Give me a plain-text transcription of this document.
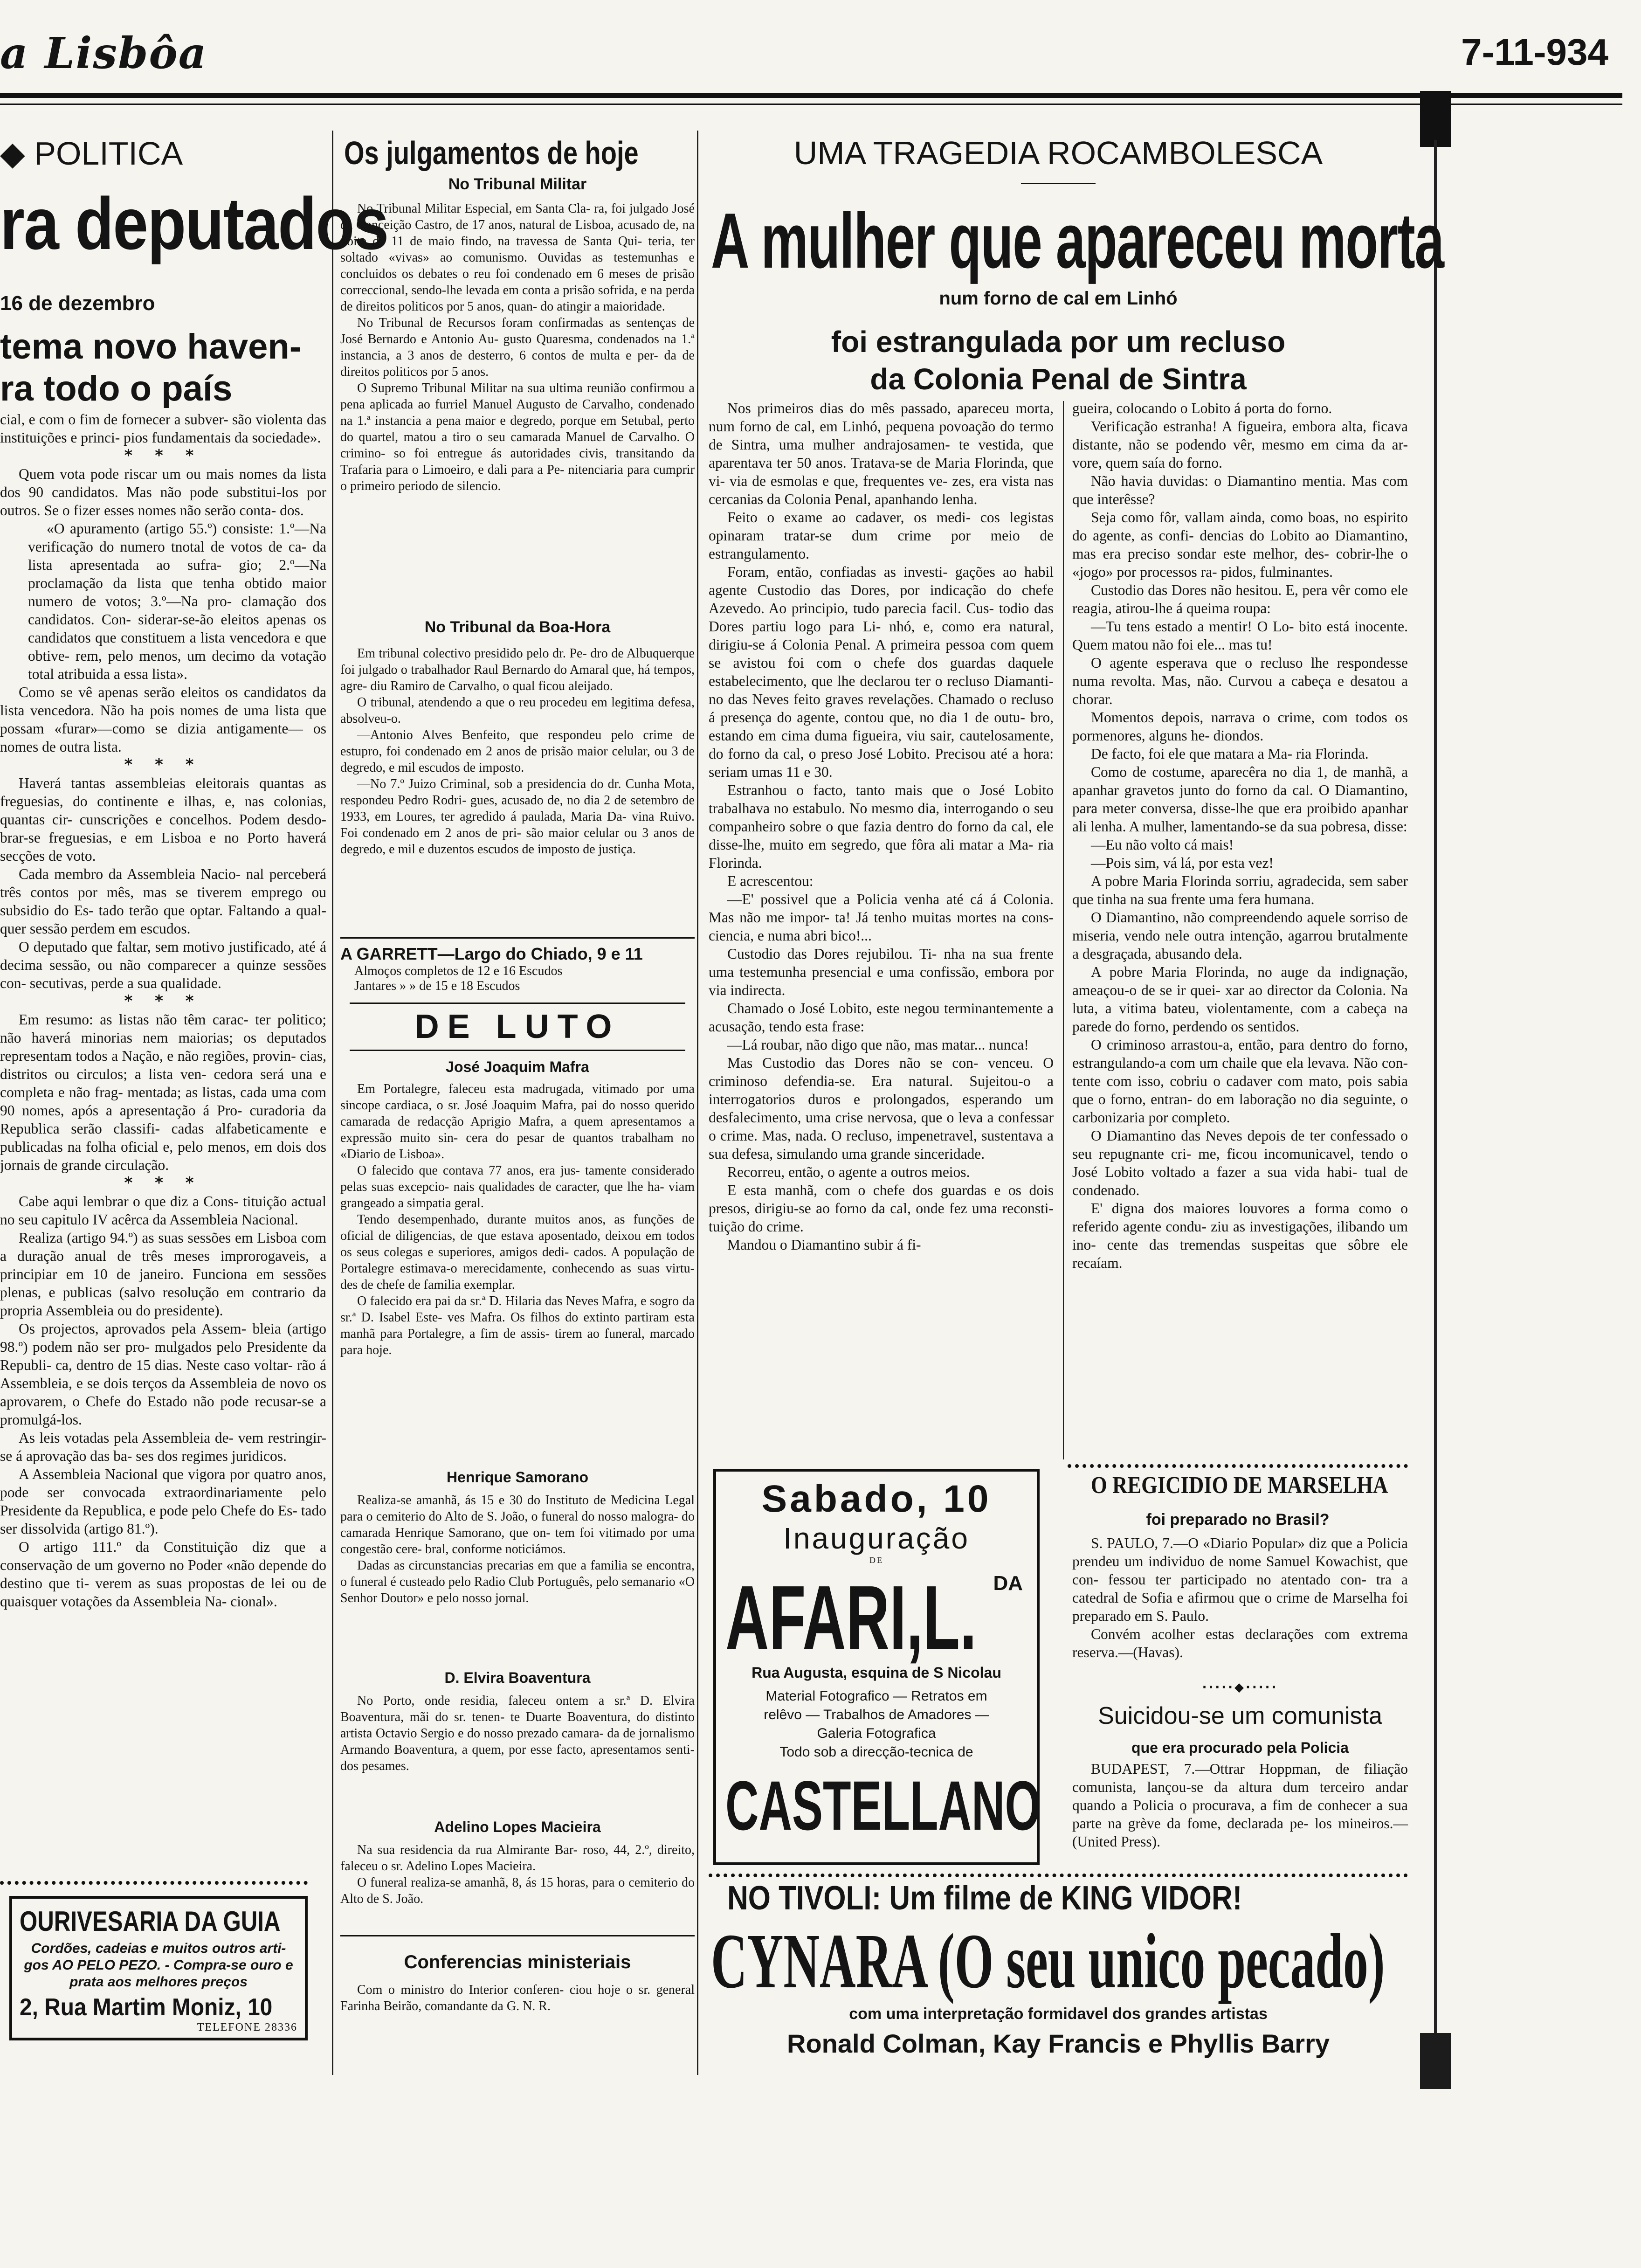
a Lisbôa	7-11-934
◆ POLITICA
ra deputados
16 de dezembro
tema novo haven-
ra todo o país

cial, e com o fim de fornecer a subver- são violenta das instituições e princi- pios fundamentais da sociedade».

* * *

Quem vota pode riscar um ou mais nomes da lista dos 90 candidatos. Mas não pode substitui-los por outros. Se o fizer esses nomes não serão conta- dos.

«O apuramento (artigo 55.º) consiste: 1.º—Na verificação do numero tnotal de votos de ca- da lista apresentada ao sufra- gio; 2.º—Na proclamação da lista que tenha obtido maior numero de votos; 3.º—Na pro- clamação dos candidatos. Con- siderar-se-ão eleitos apenas os candidatos que constituem a lista vencedora e que obtive- rem, pelo menos, um decimo da votação total atribuida a essa lista».

Como se vê apenas serão eleitos os candidatos da lista vencedora. Não ha pois nomes de uma lista que possam «furar»—como se dizia antigamente— os nomes de outra lista.

* * *

Haverá tantas assembleias eleitorais quantas as freguesias, do continente e ilhas, e, nas colonias, quantas cir- cunscrições e concelhos. Podem desdo- brar-se freguesias, e em Lisboa e no Porto haverá secções de voto.

Cada membro da Assembleia Nacio- nal perceberá três contos por mês, mas se tiverem emprego ou subsidio do Es- tado terão que optar. Faltando a qual- quer sessão perdem em escudos.

O deputado que faltar, sem motivo justificado, até á decima sessão, ou não comparecer a quinze sessões con- secutivas, perde a sua qualidade.

* * *

Em resumo: as listas não têm carac- ter politico; não haverá minorias nem maiorias; os deputados representam todos a Nação, e não regiões, provin- cias, distritos ou circulos; a lista ven- cedora será una e completa e não frag- mentada; as listas, cada uma com 90 nomes, após a apresentação á Pro- curadoria da Republica serão classifi- cadas alfabeticamente e publicadas na folha oficial e, pelo menos, em dois dos jornais de grande circulação.

* * *

Cabe aqui lembrar o que diz a Cons- tituição actual no seu capitulo IV acêrca da Assembleia Nacional.

Realiza (artigo 94.º) as suas sessões em Lisboa com a duração anual de três meses improrogaveis, a principiar em 10 de janeiro. Funciona em sessões plenas, e publicas (salvo resolução em contrario da propria Assembleia ou do presidente).

Os projectos, aprovados pela Assem- bleia (artigo 98.º) podem não ser pro- mulgados pelo Presidente da Republi- ca, dentro de 15 dias. Neste caso voltar- rão á Assembleia, e se dois terços da Assembleia de novo os aprovarem, o Chefe do Estado não pode recusar-se a promulgá-los.

As leis votadas pela Assembleia de- vem restringir-se á aprovação das ba- ses dos regimes juridicos.

A Assembleia Nacional que vigora por quatro anos, pode ser convocada extraordinariamente pelo Presidente da Republica, e pode pelo Chefe do Es- tado ser dissolvida (artigo 81.º).

O artigo 111.º da Constituição diz que a conservação de um governo no Poder «não depende do destino que ti- verem as suas propostas de lei ou de quaisquer votações da Assembleia Na- cional».

OURIVESARIA DA GUIA
Cordões, cadeias e muitos outros arti- gos AO PELO PEZO. - Compra-se ouro e prata aos melhores preços
2, Rua Martim Moniz, 10
TELEFONE 28336
Os julgamentos de hoje
No Tribunal Militar

No Tribunal Militar Especial, em Santa Cla- ra, foi julgado José da Conceição Castro, de 17 anos, natural de Lisboa, acusado de, na noite de 11 de maio findo, na travessa de Santa Qui- teria, ter soltado «vivas» ao comunismo. Ouvidas as testemunhas e concluidos os debates o reu foi condenado em 6 meses de prisão correccional, sendo-lhe levada em conta a prisão sofrida, e na perda de direitos politicos por 5 anos, quan- do atingir a maioridade.

No Tribunal de Recursos foram confirmadas as sentenças de José Bernardo e Antonio Au- gusto Quaresma, condenados na 1.ª instancia, a 3 anos de desterro, 6 contos de multa e per- da de direitos politicos por 5 anos.

O Supremo Tribunal Militar na sua ultima reunião confirmou a pena aplicada ao furriel Manuel Augusto de Carvalho, condenado na 1.ª instancia a pena maior e degredo, porque em Setubal, perto do quartel, matou a tiro o seu camarada Manuel de Carvalho. O crimino- so foi entregue ás autoridades civis, transitando da Trafaria para o Limoeiro, e dali para a Pe- nitenciaria para cumprir o primeiro periodo de silencio.

No Tribunal da Boa-Hora

Em tribunal colectivo presidido pelo dr. Pe- dro de Albuquerque foi julgado o trabalhador Raul Bernardo do Amaral que, há tempos, agre- diu Ramiro de Carvalho, o qual ficou aleijado.

O tribunal, atendendo a que o reu procedeu em legitima defesa, absolveu-o.

—Antonio Alves Benfeito, que respondeu pelo crime de estupro, foi condenado em 2 anos de prisão maior celular, ou 3 de degredo, e mil escudos de imposto.

—No 7.º Juizo Criminal, sob a presidencia do dr. Cunha Mota, respondeu Pedro Rodri- gues, acusado de, no dia 2 de setembro de 1933, em Loures, ter agredido á paulada, Maria Da- vina Ruivo. Foi condenado em 2 anos de pri- são maior celular ou 3 anos de degredo, e mil e duzentos escudos de imposto de justiça.

A GARRETT—Largo do Chiado, 9 e 11
Almoços completos de 12 e 16 Escudos
Jantares » » de 15 e 18 Escudos
DE LUTO
José Joaquim Mafra

Em Portalegre, faleceu esta madrugada, vitimado por uma sincope cardiaca, o sr. José Joaquim Mafra, pai do nosso querido camarada de redacção Aprigio Mafra, a quem apresentamos a expressão muito sin- cera do pesar de quantos trabalham no «Diario de Lisboa».

O falecido que contava 77 anos, era jus- tamente considerado pelas suas excepcio- nais qualidades de caracter, que lhe ha- viam grangeado a simpatia geral.

Tendo desempenhado, durante muitos anos, as funções de oficial de diligencias, de que estava aposentado, deixou em todos os seus colegas e superiores, amigos dedi- cados. A população de Portalegre estimava-o merecidamente, conhecendo as suas virtu- des de chefe de familia exemplar.

O falecido era pai da sr.ª D. Hilaria das Neves Mafra, e sogro da sr.ª D. Isabel Este- ves Mafra. Os filhos do extinto partiram esta manhã para Portalegre, a fim de assis- tirem ao funeral, marcado para hoje.

Henrique Samorano

Realiza-se amanhã, ás 15 e 30 do Instituto de Medicina Legal para o cemiterio do Alto de S. João, o funeral do nosso malogra- do camarada Henrique Samorano, que on- tem foi vitimado por uma congestão cere- bral, conforme noticiámos.

Dadas as circunstancias precarias em que a familia se encontra, o funeral é custeado pelo Radio Club Português, pelo semanario «O Senhor Doutor» e pelo nosso jornal.

D. Elvira Boaventura

No Porto, onde residia, faleceu ontem a sr.ª D. Elvira Boaventura, mãi do sr. tenen- te Duarte Boaventura, do distinto artista Octavio Sergio e do nosso prezado camara- da de jornalismo Armando Boaventura, a quem, por esse facto, apresentamos senti- dos pesames.

Adelino Lopes Macieira

Na sua residencia da rua Almirante Bar- roso, 44, 2.º, direito, faleceu o sr. Adelino Lopes Macieira.

O funeral realiza-se amanhã, 8, ás 15 horas, para o cemiterio do Alto de S. João.

Conferencias ministeriais

Com o ministro do Interior conferen- ciou hoje o sr. general Farinha Beirão, comandante da G. N. R.

UMA TRAGEDIA ROCAMBOLESCA
A mulher que apareceu morta
num forno de cal em Linhó
foi estrangulada por um recluso
da Colonia Penal de Sintra

Nos primeiros dias do mês passado, apareceu morta, num forno de cal, em Linhó, pequena povoação do termo de Sintra, uma mulher andrajosamen- te vestida, que aparentava ter 50 anos. Tratava-se de Maria Florinda, que vi- via de esmolas e que, frequentes ve- zes, era vista nas cercanias da Colonia Penal, apanhando lenha.

Feito o exame ao cadaver, os medi- cos legistas opinaram tratar-se dum crime por meio de estrangulamento.

Foram, então, confiadas as investi- gações ao habil agente Custodio das Dores, por indicação do chefe Azevedo. Ao principio, tudo parecia facil. Cus- todio das Dores partiu logo para Li- nhó, e, como era natural, dirigiu-se á Colonia Penal. A primeira pessoa com quem se avistou foi com o chefe dos guardas daquele estabelecimento, que lhe declarou ter o recluso Diamanti- no das Neves feito graves revelações. Chamado o recluso á presença do agente, contou que, no dia 1 de outu- bro, estando em cima duma figueira, viu sair, cautelosamente, do forno da cal, o preso José Lobito. Precisou até a hora: seriam umas 11 e 30.

Estranhou o facto, tanto mais que o José Lobito trabalhava no estabulo. No mesmo dia, interrogando o seu companheiro sobre o que fazia dentro do forno da cal, ele disse-lhe, muito em segredo, que fôra ali matar a Ma- ria Florinda.

E acrescentou:

—E' possivel que a Policia venha até cá á Colonia. Mas não me impor- ta! Já tenho muitas mortes na cons- ciencia, e numa abri bico!...

Custodio das Dores rejubilou. Ti- nha na sua frente uma testemunha presencial e uma confissão, embora por via indirecta.

Chamado o José Lobito, este negou terminantemente a acusação, tendo esta frase:

—Lá roubar, não digo que não, mas matar... nunca!

Mas Custodio das Dores não se con- venceu. O criminoso defendia-se. Era natural. Sujeitou-o a interrogatorios duros e prolongados, esperando um desfalecimento, uma crise nervosa, que o leva a confessar o crime. Mas, nada. O recluso, impenetravel, sustentava a sua defesa, simulando uma grande sinceridade.

Recorreu, então, o agente a outros meios.

E esta manhã, com o chefe dos guardas e os dois presos, dirigiu-se ao forno da cal, onde fez uma reconsti- tuição do crime.

Mandou o Diamantino subir á fi-

gueira, colocando o Lobito á porta do forno.

Verificação estranha! A figueira, embora alta, ficava distante, não se podendo vêr, mesmo em cima da ar- vore, quem saía do forno.

Não havia duvidas: o Diamantino mentia. Mas com que interêsse?

Seja como fôr, vallam ainda, como boas, no espirito do agente, as confi- dencias do Lobito ao Diamantino, mas era preciso sondar este melhor, des- cobrir-lhe o «jogo» por processos ra- pidos, fulminantes.

Custodio das Dores não hesitou. E, pera vêr como ele reagia, atirou-lhe á queima roupa:

—Tu tens estado a mentir! O Lo- bito está inocente. Quem matou não foi ele... mas tu!

O agente esperava que o recluso lhe respondesse numa revolta. Mas, não. Curvou a cabeça e desatou a chorar.

Momentos depois, narrava o crime, com todos os pormenores, alguns he- diondos.

De facto, foi ele que matara a Ma- ria Florinda.

Como de costume, aparecêra no dia 1, de manhã, a apanhar gravetos junto do forno da cal. O Diamantino, para meter conversa, disse-lhe que era proibido apanhar ali lenha. A mulher, lamentando-se da sua pobresa, disse:

—Eu não volto cá mais!

—Pois sim, vá lá, por esta vez!

A pobre Maria Florinda sorriu, agradecida, sem saber que tinha na sua frente uma fera humana.

O Diamantino, não compreendendo aquele sorriso de miseria, vendo nele outra intenção, agarrou brutalmente a desgraçada, abusando dela.

A pobre Maria Florinda, no auge da indignação, ameaçou-o de se ir quei- xar ao director da Colonia. Na luta, a vitima bateu, violentamente, com a cabeça na parede do forno, perdendo os sentidos.

O criminoso arrastou-a, então, para dentro do forno, estrangulando-a com um chaile que ela levava. Não con- tente com isso, cobriu o cadaver com mato, pois sabia que o forno, entran- do em laboração no dia seguinte, o carbonizaria por completo.

O Diamantino das Neves depois de ter confessado o seu repugnante cri- me, ficou incomunicavel, tendo o José Lobito voltado a fazer a sua vida habi- tual de condenado.

E' digna dos maiores louvores a forma como o referido agente condu- ziu as investigações, ilibando um ino- cente das tremendas suspeitas que sôbre ele recaíam.

Sabado, 10
Inauguração
DE
AFARI,L. DA
Rua Augusta, esquina de S Nicolau
Material Fotografico — Retratos em
relêvo — Trabalhos de Amadores —
Galeria Fotografica
Todo sob a direcção-tecnica de
CASTELLANO
O REGICIDIO DE MARSELHA
foi preparado no Brasil?

S. PAULO, 7.—O «Diario Popular» diz que a Policia prendeu um individuo de nome Samuel Kowachist, que con- fessou ter participado no atentado con- tra a catedral de Sofia e afirmou que o crime de Marselha foi preparado em S. Paulo.

Convém acolher estas declarações com extrema reserva.—(Havas).

·····◆·····
Suicidou-se um comunista
que era procurado pela Policia

BUDAPEST, 7.—Ottrar Hoppman, de filiação comunista, lançou-se da altura dum terceiro andar quando a Policia o procurava, a fim de conhecer a sua parte na grève da fome, declarada pe- los mineiros.—(United Press).

NO TIVOLI: Um filme de KING VIDOR!
CYNARA (O seu unico pecado)
com uma interpretação formidavel dos grandes artistas
Ronald Colman, Kay Francis e Phyllis Barry
